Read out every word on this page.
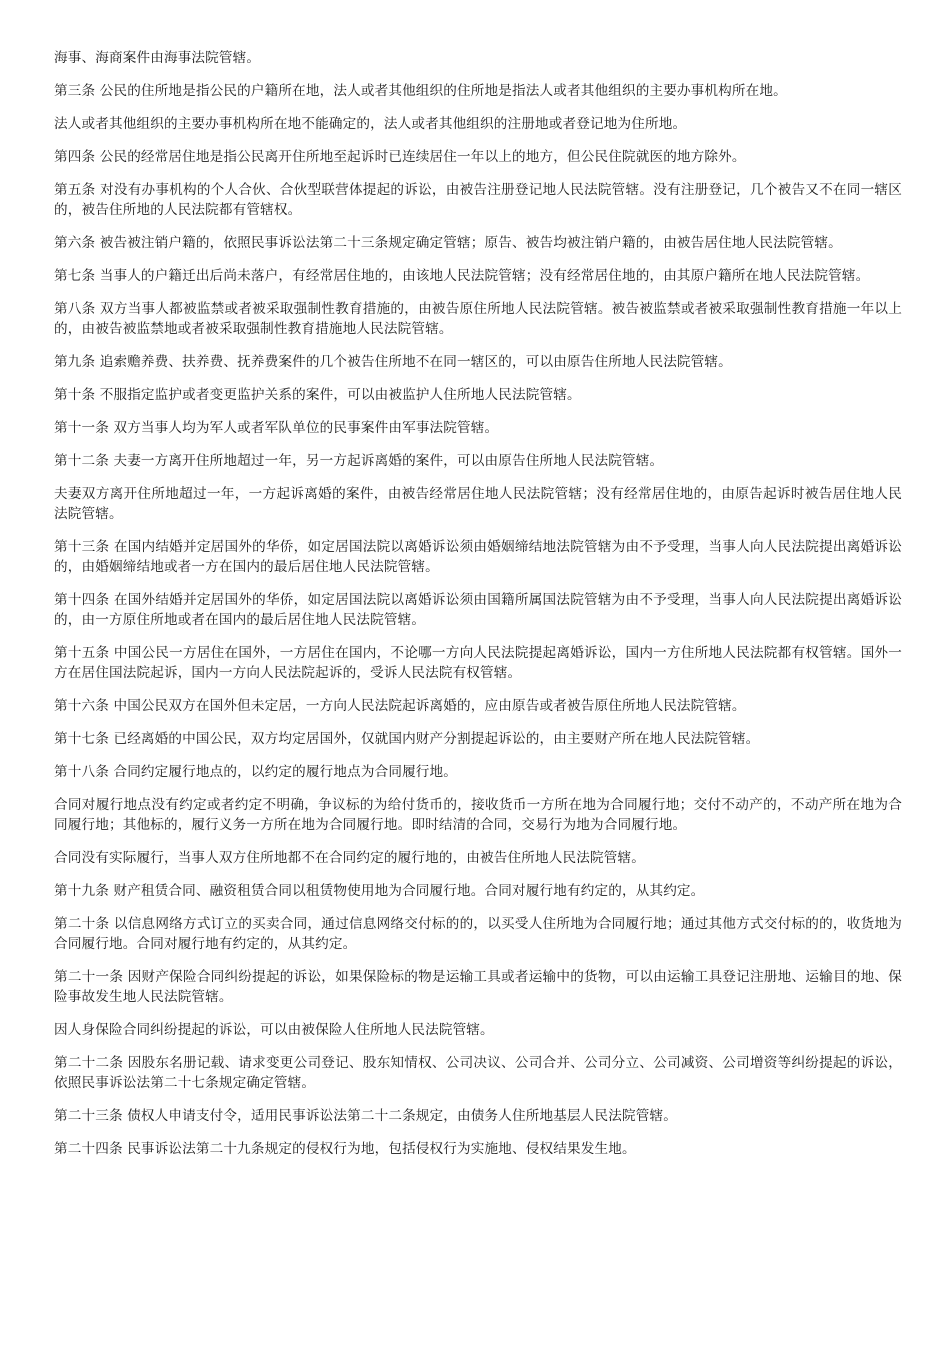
海事、海商案件由海事法院管辖。

第三条 公民的住所地是指公民的户籍所在地，法人或者其他组织的住所地是指法人或者其他组织的主要办事机构所在地。

法人或者其他组织的主要办事机构所在地不能确定的，法人或者其他组织的注册地或者登记地为住所地。

第四条 公民的经常居住地是指公民离开住所地至起诉时已连续居住一年以上的地方，但公民住院就医的地方除外。

第五条 对没有办事机构的个人合伙、合伙型联营体提起的诉讼，由被告注册登记地人民法院管辖。没有注册登记，几个被告又不在同一辖区的，被告住所地的人民法院都有管辖权。

第六条 被告被注销户籍的，依照民事诉讼法第二十三条规定确定管辖；原告、被告均被注销户籍的，由被告居住地人民法院管辖。

第七条 当事人的户籍迁出后尚未落户，有经常居住地的，由该地人民法院管辖；没有经常居住地的，由其原户籍所在地人民法院管辖。

第八条 双方当事人都被监禁或者被采取强制性教育措施的，由被告原住所地人民法院管辖。被告被监禁或者被采取强制性教育措施一年以上的，由被告被监禁地或者被采取强制性教育措施地人民法院管辖。

第九条 追索赡养费、扶养费、抚养费案件的几个被告住所地不在同一辖区的，可以由原告住所地人民法院管辖。

第十条 不服指定监护或者变更监护关系的案件，可以由被监护人住所地人民法院管辖。

第十一条 双方当事人均为军人或者军队单位的民事案件由军事法院管辖。

第十二条 夫妻一方离开住所地超过一年，另一方起诉离婚的案件，可以由原告住所地人民法院管辖。

夫妻双方离开住所地超过一年，一方起诉离婚的案件，由被告经常居住地人民法院管辖；没有经常居住地的，由原告起诉时被告居住地人民法院管辖。

第十三条 在国内结婚并定居国外的华侨，如定居国法院以离婚诉讼须由婚姻缔结地法院管辖为由不予受理，当事人向人民法院提出离婚诉讼的，由婚姻缔结地或者一方在国内的最后居住地人民法院管辖。

第十四条 在国外结婚并定居国外的华侨，如定居国法院以离婚诉讼须由国籍所属国法院管辖为由不予受理，当事人向人民法院提出离婚诉讼的，由一方原住所地或者在国内的最后居住地人民法院管辖。

第十五条 中国公民一方居住在国外，一方居住在国内，不论哪一方向人民法院提起离婚诉讼，国内一方住所地人民法院都有权管辖。国外一方在居住国法院起诉，国内一方向人民法院起诉的，受诉人民法院有权管辖。

第十六条 中国公民双方在国外但未定居，一方向人民法院起诉离婚的，应由原告或者被告原住所地人民法院管辖。

第十七条 已经离婚的中国公民，双方均定居国外，仅就国内财产分割提起诉讼的，由主要财产所在地人民法院管辖。

第十八条 合同约定履行地点的，以约定的履行地点为合同履行地。

合同对履行地点没有约定或者约定不明确，争议标的为给付货币的，接收货币一方所在地为合同履行地；交付不动产的，不动产所在地为合同履行地；其他标的，履行义务一方所在地为合同履行地。即时结清的合同，交易行为地为合同履行地。

合同没有实际履行，当事人双方住所地都不在合同约定的履行地的，由被告住所地人民法院管辖。

第十九条 财产租赁合同、融资租赁合同以租赁物使用地为合同履行地。合同对履行地有约定的，从其约定。

第二十条 以信息网络方式订立的买卖合同，通过信息网络交付标的的，以买受人住所地为合同履行地；通过其他方式交付标的的，收货地为合同履行地。合同对履行地有约定的，从其约定。

第二十一条 因财产保险合同纠纷提起的诉讼，如果保险标的物是运输工具或者运输中的货物，可以由运输工具登记注册地、运输目的地、保险事故发生地人民法院管辖。

因人身保险合同纠纷提起的诉讼，可以由被保险人住所地人民法院管辖。

第二十二条 因股东名册记载、请求变更公司登记、股东知情权、公司决议、公司合并、公司分立、公司减资、公司增资等纠纷提起的诉讼，依照民事诉讼法第二十七条规定确定管辖。

第二十三条 债权人申请支付令，适用民事诉讼法第二十二条规定，由债务人住所地基层人民法院管辖。

第二十四条 民事诉讼法第二十九条规定的侵权行为地，包括侵权行为实施地、侵权结果发生地。
